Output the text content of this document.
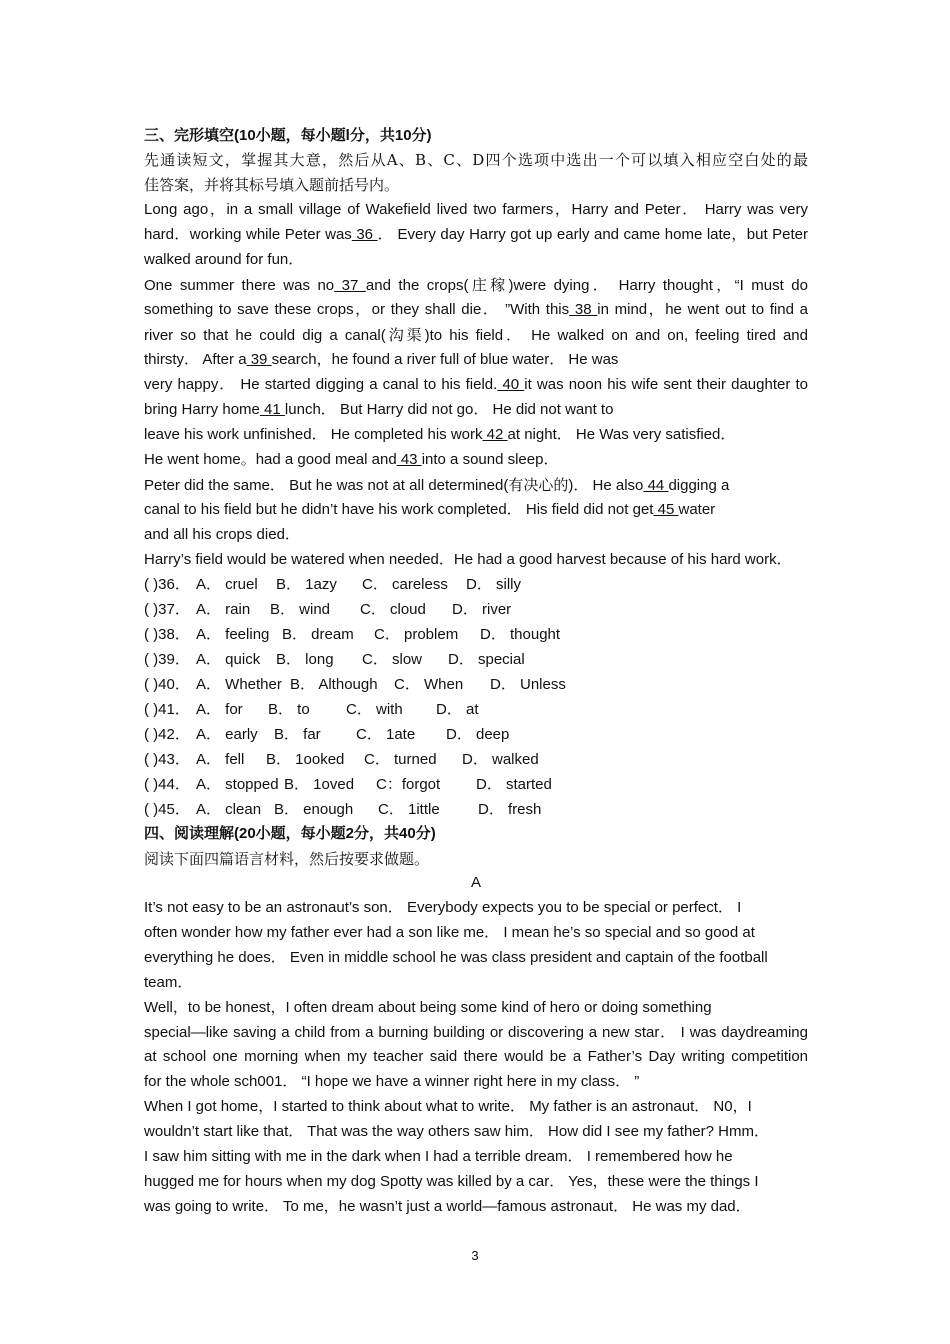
三、完形填空(10小题，每小题l分，共10分)
先通读短文，掌握其大意，然后从A、B、C、D四个选项中选出一个可以填入相应空白处的最
佳答案，并将其标号填入题前括号内。
Long ago，in a small village of Wakefield lived two farmers，Harry and Peter． Harry was very
hard．working while Peter was 36 ． Every day Harry got up early and came home late，but Peter
walked around for fun．
One summer there was no 37 and the crops(庄稼)were dying． Harry thought，“I must do
something to save these crops，or they shall die． ”With this 38 in mind，he went out to find a
river so that he could dig a canal(沟渠)to his field． He walked on and on, feeling tired and
thirsty． After a 39 search，he found a river full of blue water． He was
very happy． He started digging a canal to his field. 40 it was noon his wife sent their daughter to
bring Harry home 41 lunch． But Harry did not go． He did not want to
leave his work unfinished． He completed his work 42 at night． He Was very satisfied．
He went home。had a good meal and 43 into a sound sleep．
Peter did the same． But he was not at all determined(有决心的)． He also 44 digging a
canal to his field but he didn’t have his work completed． His field did not get 45 water
and all his crops died．
Harry’s field would be watered when needed．He had a good harvest because of his hard work．
( )36． A． cruel B． 1azy C． careless D． silly
( )37． A． rain B． wind C． cloud D． river
( )38． A． feeling B． dream C． problem D． thought
( )39． A． quick B． long C． slow D． special
( )40． A． Whether B． Although C． When D． Unless
( )41． A． for B． to C． with D． at
( )42． A． early B． far C． 1ate D． deep
( )43． A． fell B． 1ooked C． turned D． walked
( )44． A． stopped B． 1oved C：forgot D． started
( )45． A． clean B． enough C． 1ittle	D． fresh
四、阅读理解(20小题，每小题2分，共40分)
阅读下面四篇语言材料，然后按要求做题。
A
It’s not easy to be an astronaut’s son． Everybody expects you to be special or perfect． I
often wonder how my father ever had a son like me． I mean he’s so special and so good at
everything he does． Even in middle school he was class president and captain of the football
team．
Well，to be honest，I often dream about being some kind of hero or doing something
special—like saving a child from a burning building or discovering a new star． I was daydreaming
at school one morning when my teacher said there would be a Father’s Day writing competition
for the whole sch001． “I hope we have a winner right here in my class． ”
When I got home，I started to think about what to write． My father is an astronaut． N0，I
wouldn’t start like that． That was the way others saw him． How did I see my father? Hmm．
I saw him sitting with me in the dark when I had a terrible dream． I remembered how he
hugged me for hours when my dog Spotty was killed by a car． Yes，these were the things I
was going to write． To me，he wasn’t just a world—famous astronaut． He was my dad．
3
